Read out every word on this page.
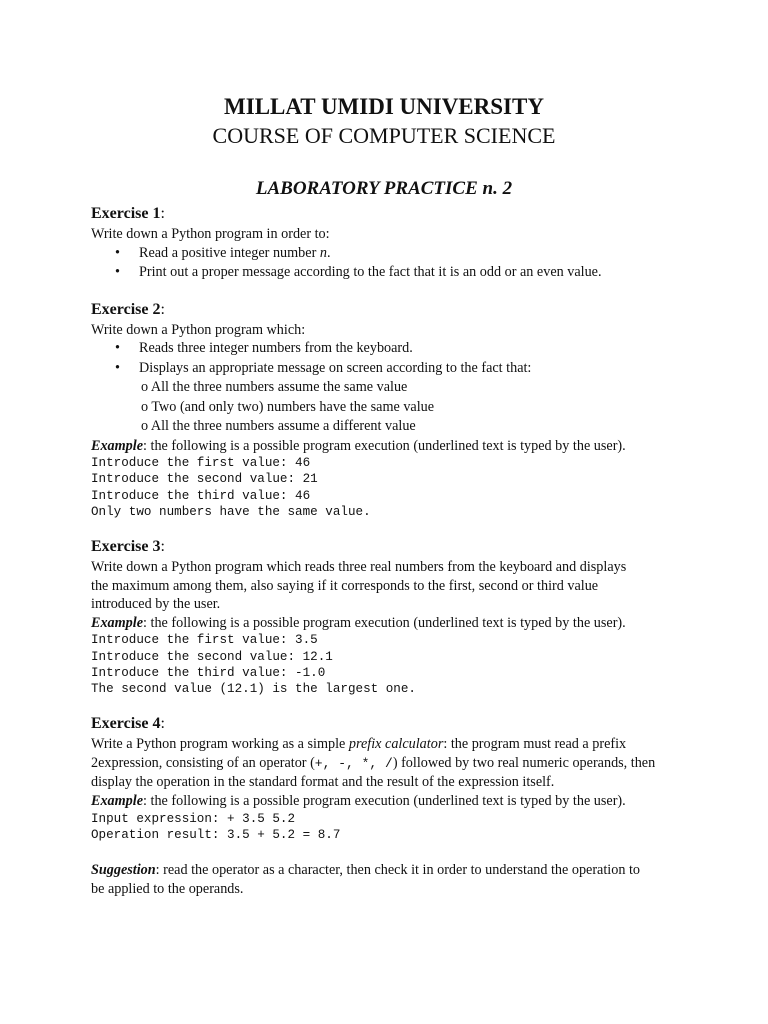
MILLAT UMIDI UNIVERSITY
COURSE OF COMPUTER SCIENCE
LABORATORY PRACTICE n. 2
Exercise 1:
Write down a Python program in order to:
• Read a positive integer number n.
• Print out a proper message according to the fact that it is an odd or an even value.
Exercise 2:
Write down a Python program which:
• Reads three integer numbers from the keyboard.
• Displays an appropriate message on screen according to the fact that:
o All the three numbers assume the same value
o Two (and only two) numbers have the same value
o All the three numbers assume a different value
Example: the following is a possible program execution (underlined text is typed by the user).
Introduce the first value: 46
Introduce the second value: 21
Introduce the third value: 46
Only two numbers have the same value.
Exercise 3:
Write down a Python program which reads three real numbers from the keyboard and displays
the maximum among them, also saying if it corresponds to the first, second or third value
introduced by the user.
Example: the following is a possible program execution (underlined text is typed by the user).
Introduce the first value: 3.5
Introduce the second value: 12.1
Introduce the third value: -1.0
The second value (12.1) is the largest one.
Exercise 4:
Write a Python program working as a simple prefix calculator: the program must read a prefix
2expression, consisting of an operator (+, -, *, /) followed by two real numeric operands, then
display the operation in the standard format and the result of the expression itself.
Example: the following is a possible program execution (underlined text is typed by the user).
Input expression: + 3.5 5.2
Operation result: 3.5 + 5.2 = 8.7
Suggestion: read the operator as a character, then check it in order to understand the operation to
be applied to the operands.
